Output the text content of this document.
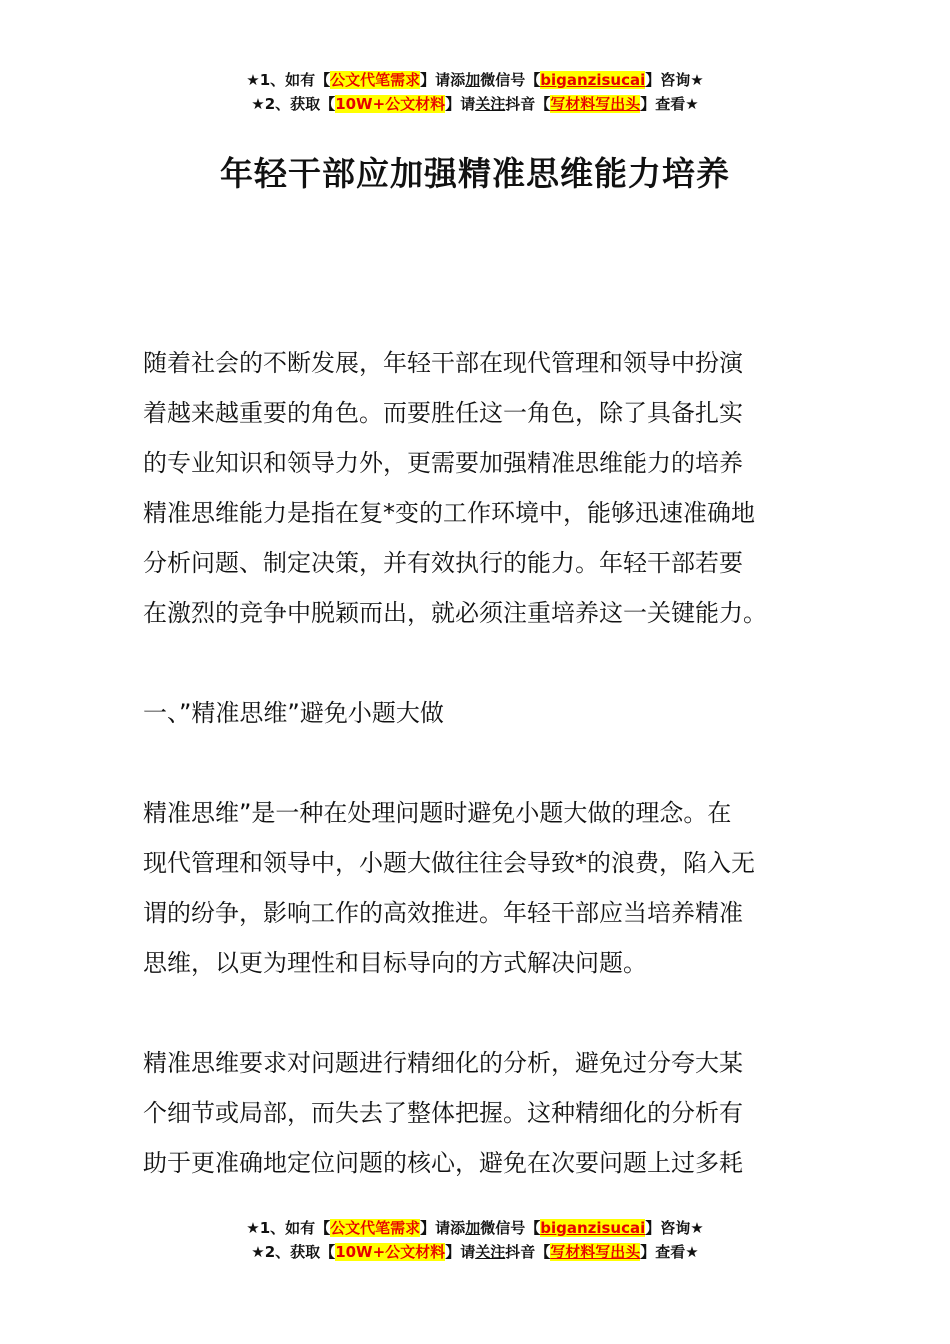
★1、如有【公文代笔需求】请添加微信号【biganzisucai】咨询★
★2、获取【10W+公文材料】请关注抖音【写材料写出头】查看★
年轻干部应加强精准思维能力培养

随着社会的不断发展，年轻干部在现代管理和领导中扮演
着越来越重要的角色。而要胜任这一角色，除了具备扎实
的专业知识和领导力外，更需要加强精准思维能力的培养
精准思维能力是指在复*变的工作环境中，能够迅速准确地
分析问题、制定决策，并有效执行的能力。年轻干部若要
在激烈的竞争中脱颖而出，就必须注重培养这一关键能力。

一、”精准思维”避免小题大做

精准思维”是一种在处理问题时避免小题大做的理念。在
现代管理和领导中，小题大做往往会导致*的浪费，陷入无
谓的纷争，影响工作的高效推进。年轻干部应当培养精准
思维，以更为理性和目标导向的方式解决问题。

精准思维要求对问题进行精细化的分析，避免过分夸大某
个细节或局部，而失去了整体把握。这种精细化的分析有
助于更准确地定位问题的核心，避免在次要问题上过多耗

★1、如有【公文代笔需求】请添加微信号【biganzisucai】咨询★
★2、获取【10W+公文材料】请关注抖音【写材料写出头】查看★
